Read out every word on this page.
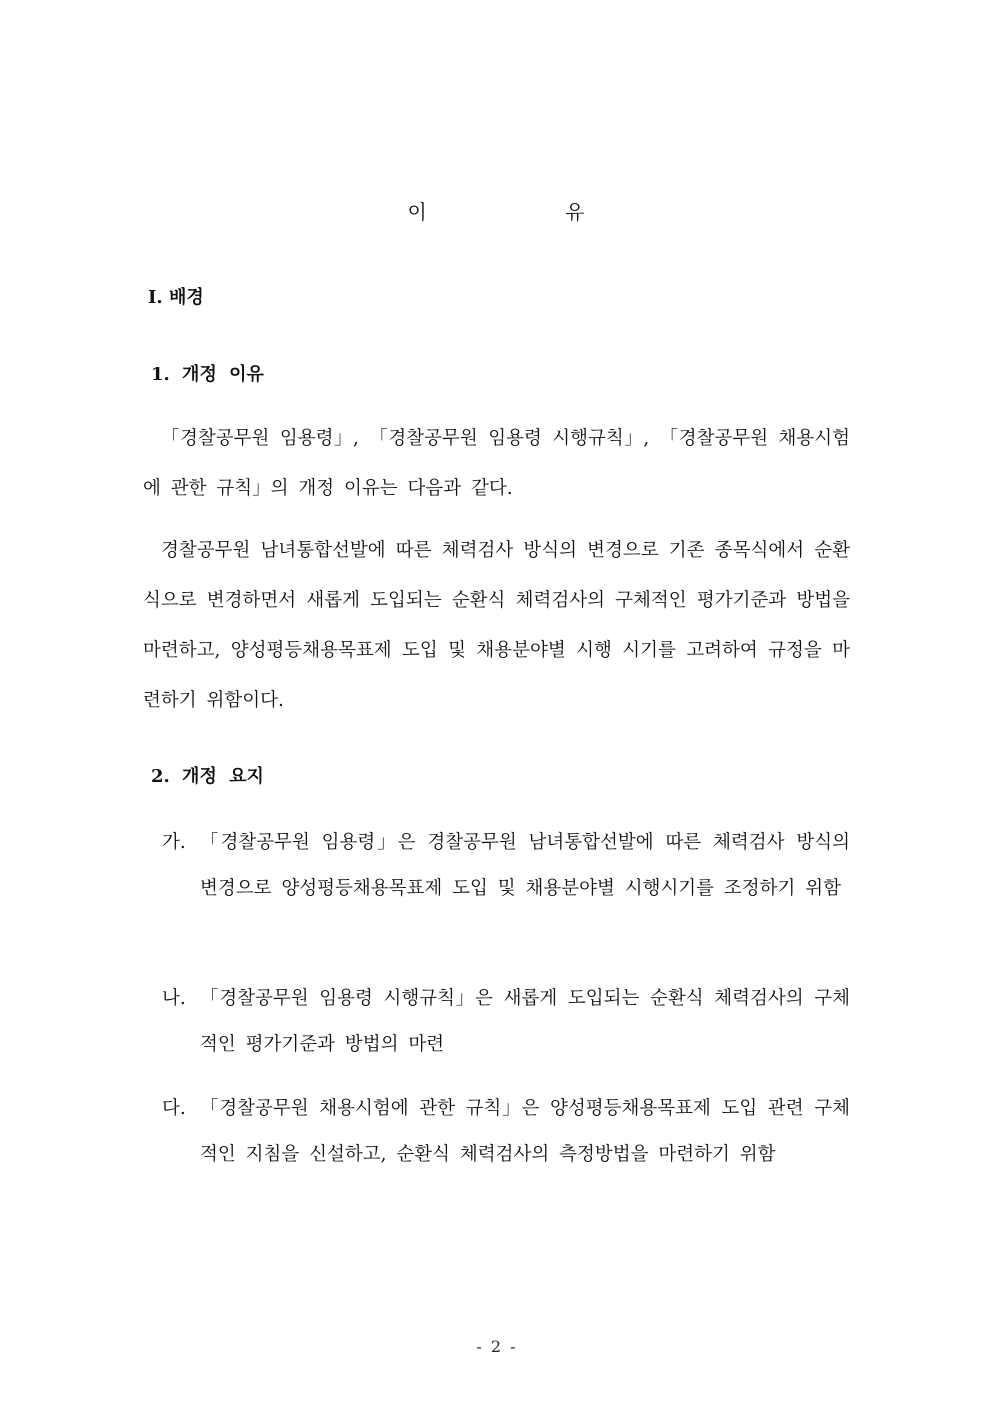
이 유
Ⅰ. 배경
1. 개정 이유
「경찰공무원 임용령」, 「경찰공무원 임용령 시행규칙」, 「경찰공무원 채용시험에 관한 규칙」의 개정 이유는 다음과 같다.
경찰공무원 남녀통합선발에 따른 체력검사 방식의 변경으로 기존 종목식에서 순환식으로 변경하면서 새롭게 도입되는 순환식 체력검사의 구체적인 평가기준과 방법을 마련하고, 양성평등채용목표제 도입 및 채용분야별 시행 시기를 고려하여 규정을 마련하기 위함이다.
2. 개정 요지
가. 「경찰공무원 임용령」은 경찰공무원 남녀통합선발에 따른 체력검사 방식의 변경으로 양성평등채용목표제 도입 및 채용분야별 시행시기를 조정하기 위함
나. 「경찰공무원 임용령 시행규칙」은 새롭게 도입되는 순환식 체력검사의 구체적인 평가기준과 방법의 마련
다. 「경찰공무원 채용시험에 관한 규칙」은 양성평등채용목표제 도입 관련 구체적인 지침을 신설하고, 순환식 체력검사의 측정방법을 마련하기 위함
- 2 -
